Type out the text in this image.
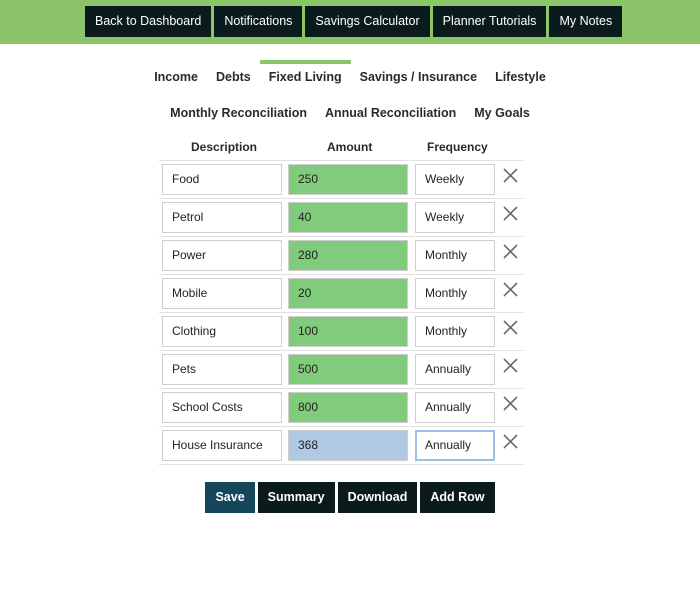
Back to Dashboard	Notifications	Savings Calculator	Planner Tutorials	My Notes
Income	Debts	Fixed Living	Savings / Insurance	Lifestyle
Monthly Reconciliation	Annual Reconciliation	My Goals
Description	Amount	Frequency
Food	250	Weekly
Petrol	40	Weekly
Power	280	Monthly
Mobile	20	Monthly
Clothing	100	Monthly
Pets	500	Annually
School Costs	800	Annually
House Insurance	368	Annually
Save	Summary	Download	Add Row
